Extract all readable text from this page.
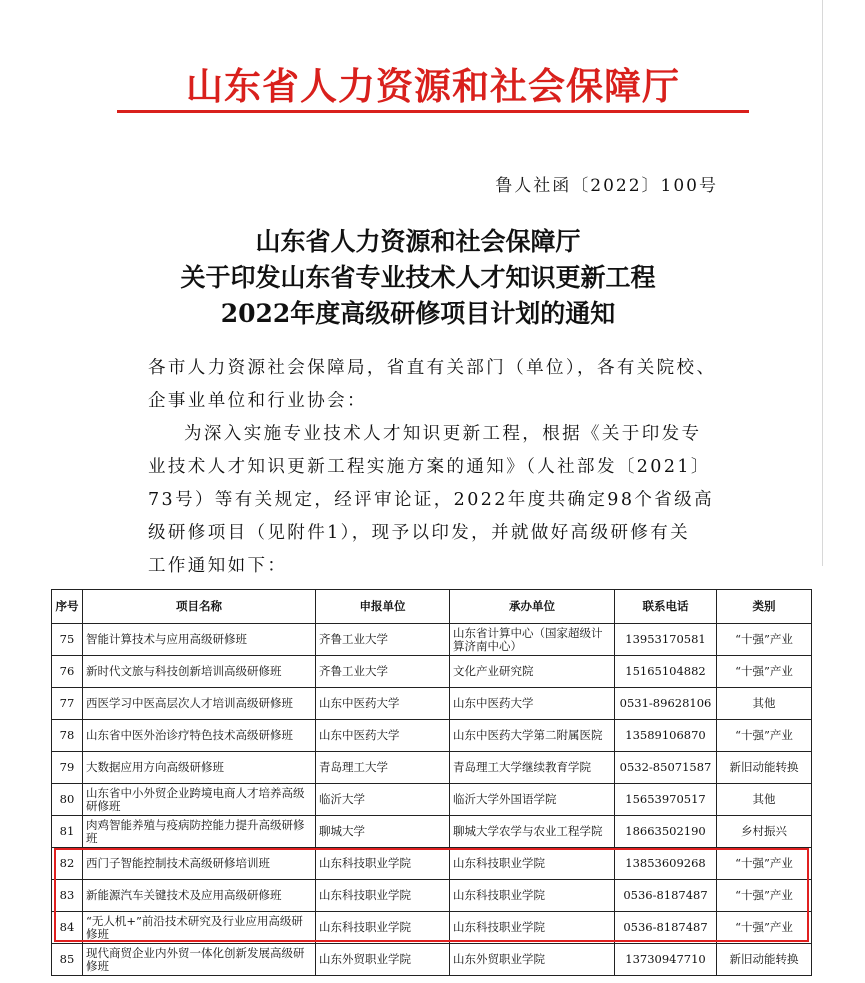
山东省人力资源和社会保障厅
鲁人社函〔2022〕100号
山东省人力资源和社会保障厅
关于印发山东省专业技术人才知识更新工程
2022年度高级研修项目计划的通知

各市人力资源社会保障局，省直有关部门（单位），各有关院校、

企事业单位和行业协会：

为深入实施专业技术人才知识更新工程，根据《关于印发专

业技术人才知识更新工程实施方案的通知》（人社部发〔2021〕

73号）等有关规定，经评审论证，2022年度共确定98个省级高

级研修项目（见附件1），现予以印发，并就做好高级研修有关

工作通知如下：

序号	项目名称	申报单位	承办单位	联系电话	类别
75	智能计算技术与应用高级研修班	齐鲁工业大学	山东省计算中心（国家超级计算济南中心）	13953170581	“十强”产业
76	新时代文旅与科技创新培训高级研修班	齐鲁工业大学	文化产业研究院	15165104882	“十强”产业
77	西医学习中医高层次人才培训高级研修班	山东中医药大学	山东中医药大学	0531-89628106	其他
78	山东省中医外治诊疗特色技术高级研修班	山东中医药大学	山东中医药大学第二附属医院	13589106870	“十强”产业
79	大数据应用方向高级研修班	青岛理工大学	青岛理工大学继续教育学院	0532-85071587	新旧动能转换
80	山东省中小外贸企业跨境电商人才培养高级研修班	临沂大学	临沂大学外国语学院	15653970517	其他
81	肉鸡智能养殖与疫病防控能力提升高级研修班	聊城大学	聊城大学农学与农业工程学院	18663502190	乡村振兴
82	西门子智能控制技术高级研修培训班	山东科技职业学院	山东科技职业学院	13853609268	“十强”产业
83	新能源汽车关键技术及应用高级研修班	山东科技职业学院	山东科技职业学院	0536-8187487	“十强”产业
84	“无人机+”前沿技术研究及行业应用高级研修班	山东科技职业学院	山东科技职业学院	0536-8187487	“十强”产业
85	现代商贸企业内外贸一体化创新发展高级研修班	山东外贸职业学院	山东外贸职业学院	13730947710	新旧动能转换
